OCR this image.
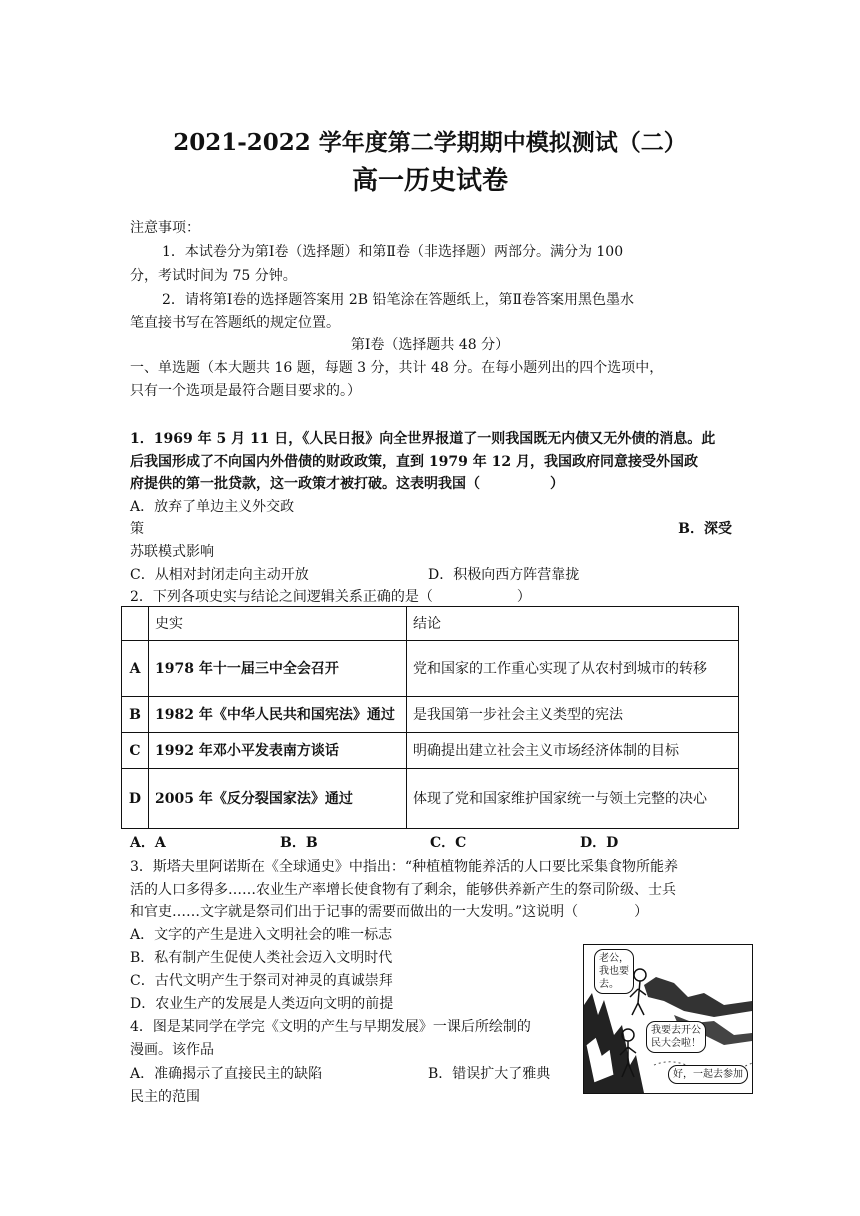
2021-2022 学年度第二学期期中模拟测试（二）
高一历史试卷
注意事项：
1．本试卷分为第Ⅰ卷（选择题）和第Ⅱ卷（非选择题）两部分。满分为 100
分，考试时间为 75 分钟。
2．请将第Ⅰ卷的选择题答案用 2B 铅笔涂在答题纸上，第Ⅱ卷答案用黑色墨水
笔直接书写在答题纸的规定位置。
第Ⅰ卷（选择题共 48 分）
一、单选题（本大题共 16 题，每题 3 分，共计 48 分。在每小题列出的四个选项中，
只有一个选项是最符合题目要求的。）
1．1969 年 5 月 11 日，《人民日报》向全世界报道了一则我国既无内债又无外债的消息。此
后我国形成了不向国内外借债的财政政策，直到 1979 年 12 月，我国政府同意接受外国政
府提供的第一批贷款，这一政策才被打破。这表明我国（　　　　　）
A．放弃了单边主义外交政
策	B．深受
苏联模式影响
C．从相对封闭走向主动开放	D．积极向西方阵营靠拢
2．下列各项史实与结论之间逻辑关系正确的是（　　　　　　）
	史实	结论
A	1978 年十一届三中全会召开	党和国家的工作重心实现了从农村到城市的转移
B	1982 年《中华人民共和国宪法》通过	是我国第一步社会主义类型的宪法
C	1992 年邓小平发表南方谈话	明确提出建立社会主义市场经济体制的目标
D	2005 年《反分裂国家法》通过	体现了党和国家维护国家统一与领土完整的决心
A．A	B．B	C．C	D．D
3．斯塔夫里阿诺斯在《全球通史》中指出：“种植植物能养活的人口要比采集食物所能养
活的人口多得多……农业生产率增长使食物有了剩余，能够供养新产生的祭司阶级、士兵
和官吏……文字就是祭司们出于记事的需要而做出的一大发明。”这说明（　　　　）
A．文字的产生是进入文明社会的唯一标志
B．私有制产生促使人类社会迈入文明时代
C．古代文明产生于祭司对神灵的真诚崇拜
D．农业生产的发展是人类迈向文明的前提
4．图是某同学在学完《文明的产生与早期发展》一课后所绘制的
漫画。该作品
A．准确揭示了直接民主的缺陷	B．错误扩大了雅典
民主的范围
老公，
我也要
去。
我要去开公
民大会啦！
好，一起去参加
